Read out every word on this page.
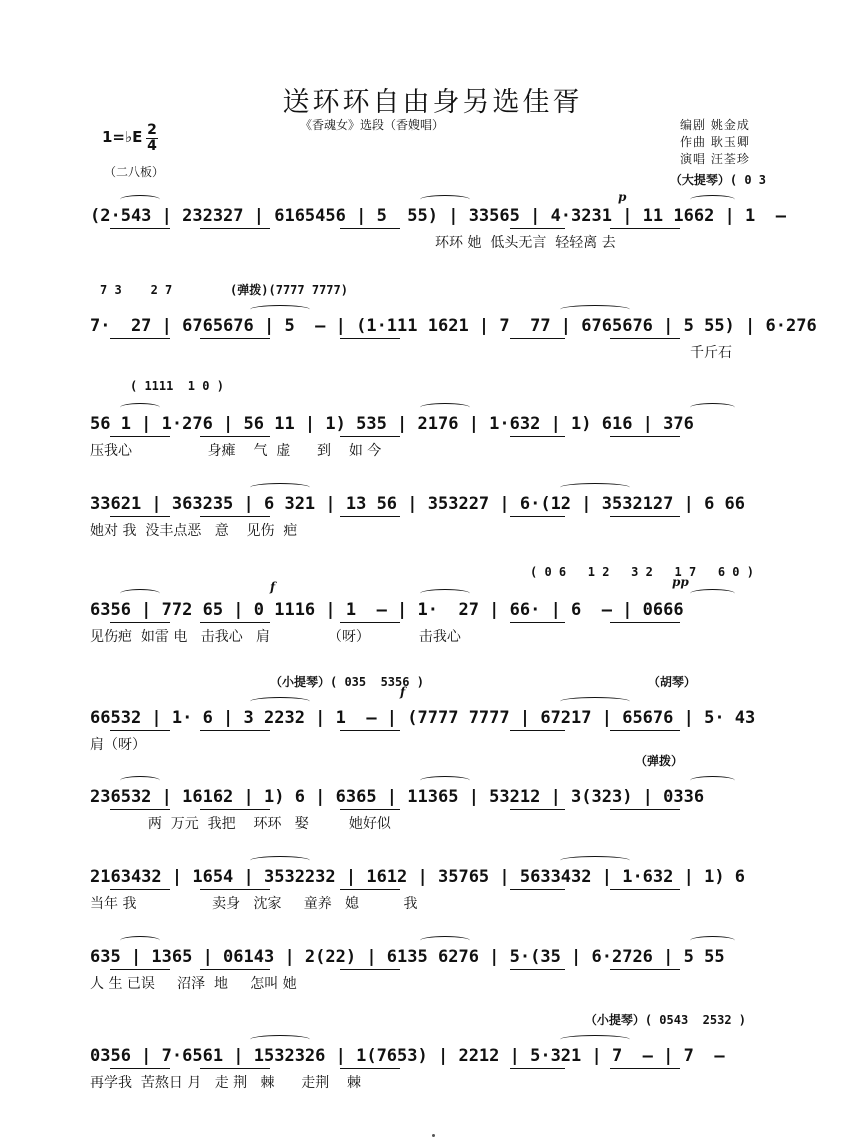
送环环自由身另选佳胥
《香魂女》选段（香嫂唱）	编剧 姚金成
作曲 耿玉卿
演唱 汪荃珍
1=♭E 2
4
（二八板）
（大提琴）( 0 3
(2·543 | 232327 | 6165456 | 5  55) | 33565 | 4·3231 | 11 1662 | 1  —
环环 她  低头无言  轻轻离 去
7 3    2 7        (弹拨)(7777 7777)
7·  27 | 6765676 | 5  — | (1·111 1621 | 7  77 | 6765676 | 5 55) | 6·276
千斤石
( 1111  1 0 )
56 1 | 1·276 | 56 11 | 1) 535 | 2176 | 1·632 | 1) 616 | 376
压我心                 身瘫    气  虚      到    如 今
33621 | 363235 | 6 321 | 13 56 | 353227 | 6·(12 | 3532127 | 6 66
她对 我  没丰点恶   意    见伤  疤
( 0 6   1 2   3 2   1 7   6 0 )
6356 | 772 65 | 0 1116 | 1  — | 1·  27 | 66· | 6  — | 0666
见伤疤  如雷 电   击我心   肩             （呀）           击我心
（小提琴）( 035  5356 )                               （胡琴）
66532 | 1· 6 | 3 2232 | 1  — | (7777 7777 | 67217 | 65676 | 5· 43
肩（呀）
（弹拨）
236532 | 16162 | 1) 6 | 6365 | 11365 | 53212 | 3(323) | 0336
两  万元  我把    环环   娶         她好似
2163432 | 1654 | 3532232 | 1612 | 35765 | 5633432 | 1·632 | 1) 6
当年 我                 卖身   沈家     童养   媳          我
635 | 1365 | 06143 | 2(22) | 6135 6276 | 5·(35 | 6·2726 | 5 55
人 生 已误     沼泽  地     怎叫 她
（小提琴）( 0543  2532 )
0356 | 7·6561 | 1532326 | 1(7653) | 2212 | 5·321 | 7  — | 7  —
再学我  苦熬日 月   走 荆   棘      走荆    棘
p
pp
f
f
